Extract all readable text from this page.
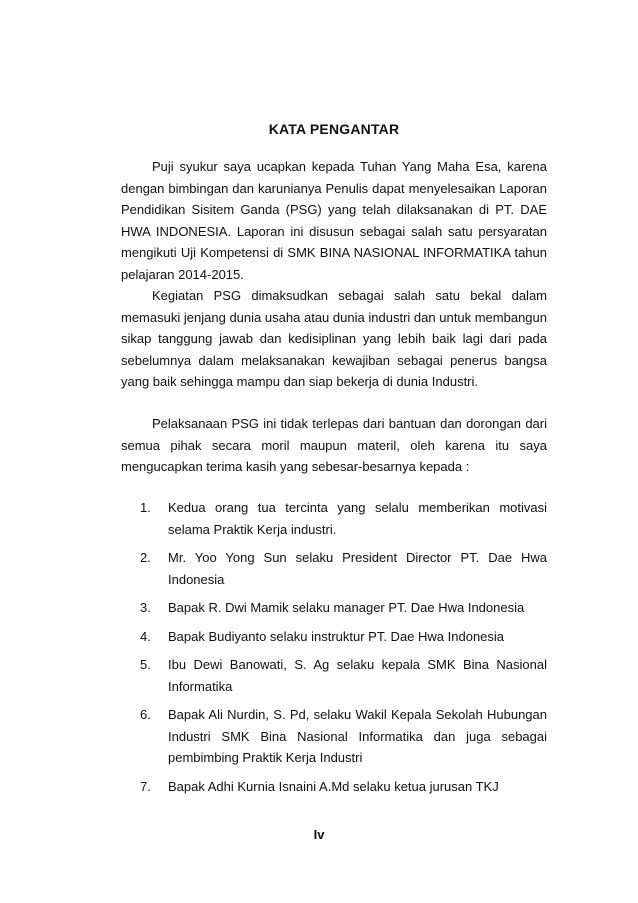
KATA PENGANTAR

Puji syukur saya ucapkan kepada Tuhan Yang Maha Esa, karena dengan bimbingan dan karunianya Penulis dapat menyelesaikan Laporan Pendidikan Sisitem Ganda (PSG) yang telah dilaksanakan di PT. DAE HWA INDONESIA. Laporan ini disusun sebagai salah satu persyaratan mengikuti Uji Kompetensi di SMK BINA NASIONAL INFORMATIKA tahun pelajaran 2014-2015.

Kegiatan PSG dimaksudkan sebagai salah satu bekal dalam memasuki jenjang dunia usaha atau dunia industri dan untuk membangun sikap tanggung jawab dan kedisiplinan yang lebih baik lagi dari pada sebelumnya dalam melaksanakan kewajiban sebagai penerus bangsa yang baik sehingga mampu dan siap bekerja di dunia Industri.

Pelaksanaan PSG ini tidak terlepas dari bantuan dan dorongan dari semua pihak secara moril maupun materil, oleh karena itu saya mengucapkan terima kasih yang sebesar-besarnya kepada :

1. Kedua orang tua tercinta yang selalu memberikan motivasi selama Praktik Kerja industri.
2. Mr. Yoo Yong Sun selaku President Director PT. Dae Hwa Indonesia
3. Bapak R. Dwi Mamik selaku manager PT. Dae Hwa Indonesia
4. Bapak Budiyanto selaku instruktur PT. Dae Hwa Indonesia
5. Ibu Dewi Banowati, S. Ag selaku kepala SMK Bina Nasional Informatika
6. Bapak Ali Nurdin, S. Pd, selaku Wakil Kepala Sekolah Hubungan Industri SMK Bina Nasional Informatika dan juga sebagai pembimbing Praktik Kerja Industri
7. Bapak Adhi Kurnia Isnaini A.Md selaku ketua jurusan TKJ
Iv
